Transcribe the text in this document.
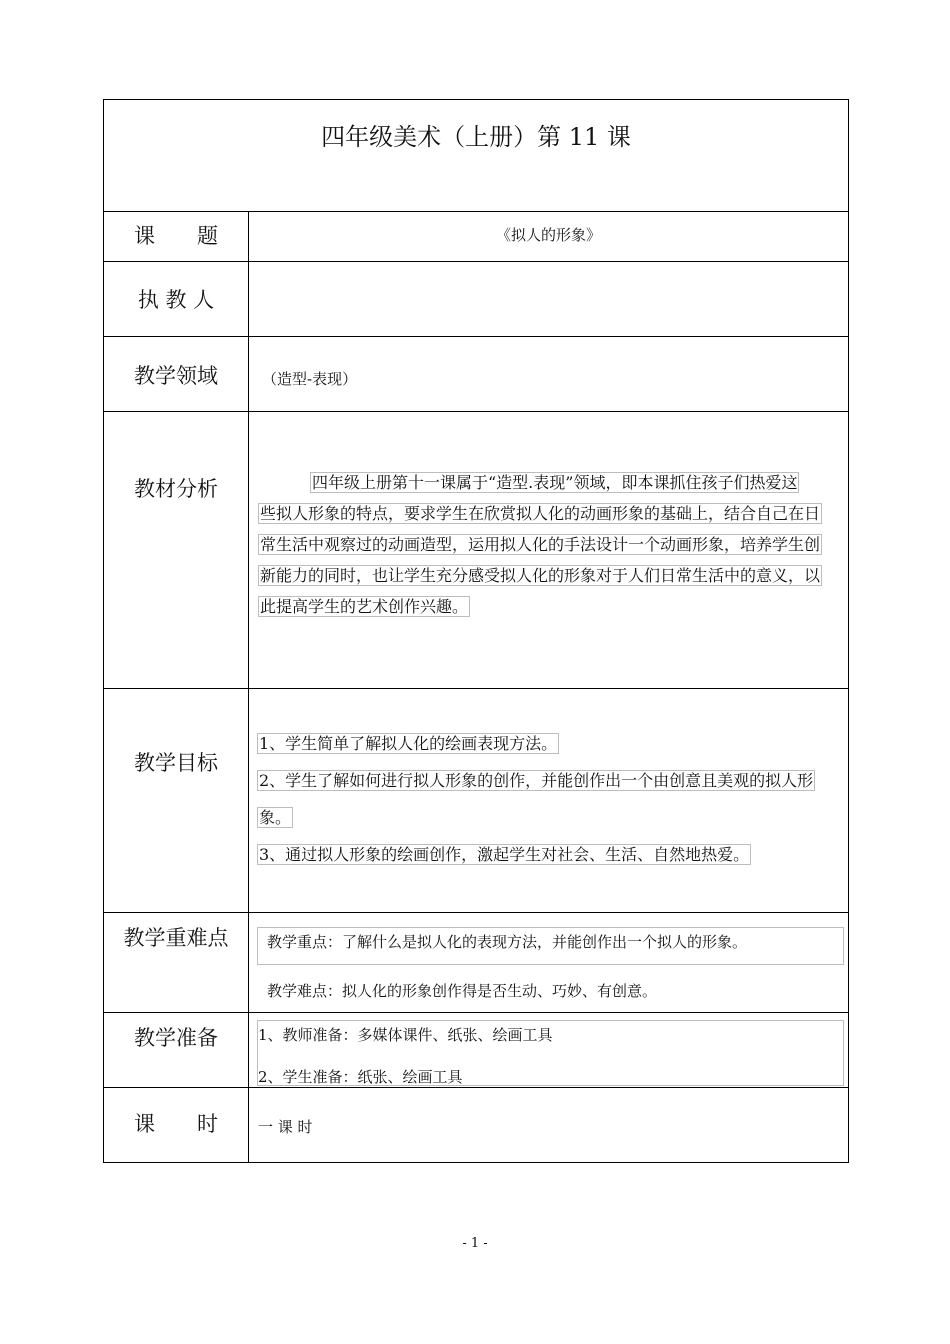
四年级美术（上册）第 11 课
课　　题	《拟人的形象》
执 教 人
教学领域	（造型-表现）
教材分析	四年级上册第十一课属于“造型.表现”领域，即本课抓住孩子们热爱这
些拟人形象的特点，要求学生在欣赏拟人化的动画形象的基础上，结合自己在日
常生活中观察过的动画造型，运用拟人化的手法设计一个动画形象，培养学生创
新能力的同时，也让学生充分感受拟人化的形象对于人们日常生活中的意义，以
此提高学生的艺术创作兴趣。
教学目标
1、学生简单了解拟人化的绘画表现方法。
2、学生了解如何进行拟人形象的创作，并能创作出一个由创意且美观的拟人形
象。
3、通过拟人形象的绘画创作，激起学生对社会、生活、自然地热爱。
教学重难点	教学重点：了解什么是拟人化的表现方法，并能创作出一个拟人的形象。
教学难点：拟人化的形象创作得是否生动、巧妙、有创意。
教学准备	1、教师准备：多媒体课件、纸张、绘画工具
2、学生准备：纸张、绘画工具
课　　时	一 课 时
- 1 -
